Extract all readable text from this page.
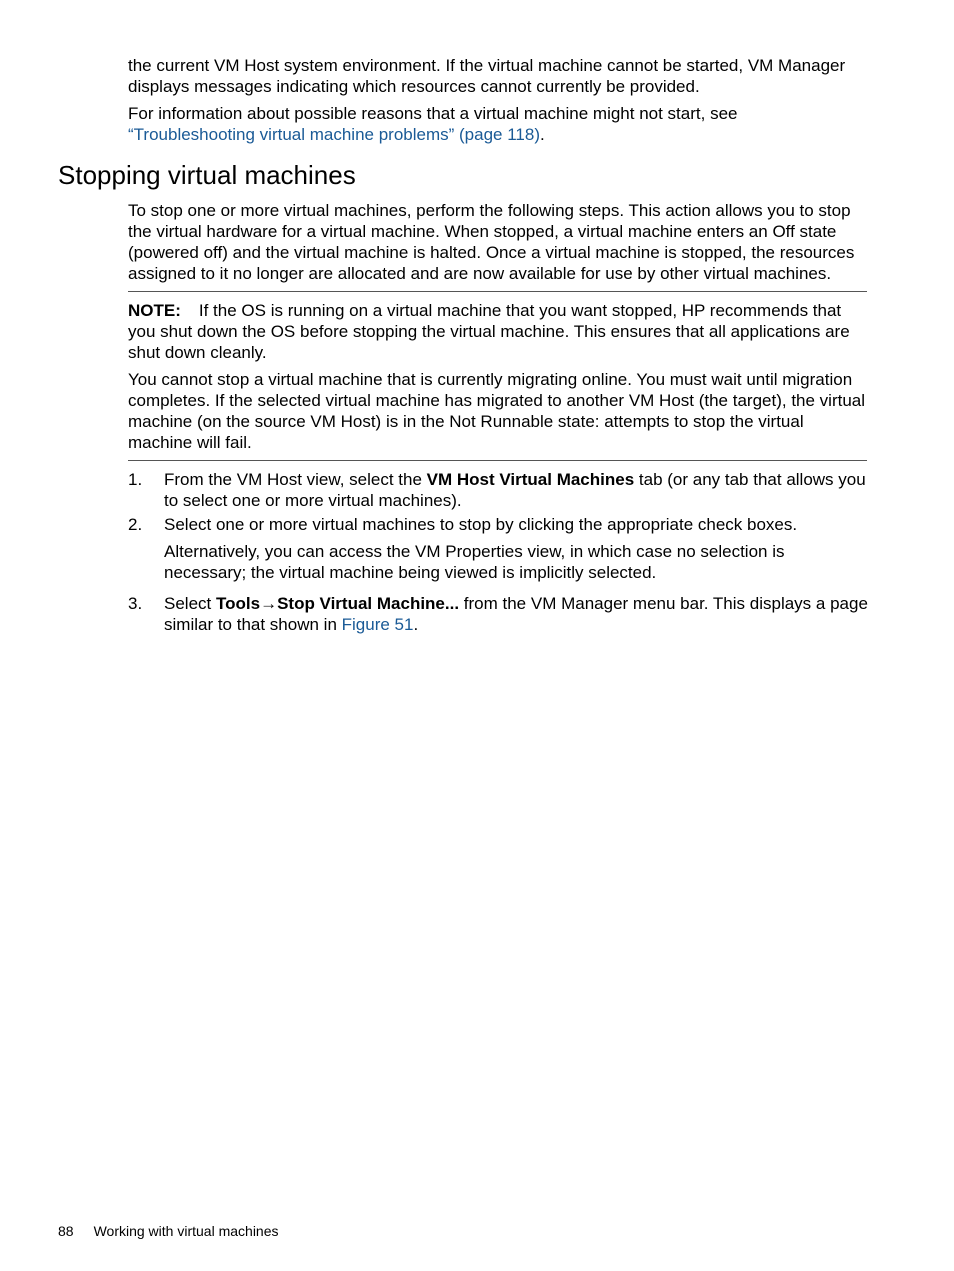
the current VM Host system environment. If the virtual machine cannot be started, VM Manager displays messages indicating which resources cannot currently be provided.

For information about possible reasons that a virtual machine might not start, see “Troubleshooting virtual machine problems” (page 118).

Stopping virtual machines

To stop one or more virtual machines, perform the following steps. This action allows you to stop the virtual hardware for a virtual machine. When stopped, a virtual machine enters an Off state (powered off) and the virtual machine is halted. Once a virtual machine is stopped, the resources assigned to it no longer are allocated and are now available for use by other virtual machines.

NOTE: If the OS is running on a virtual machine that you want stopped, HP recommends that you shut down the OS before stopping the virtual machine. This ensures that all applications are shut down cleanly.

You cannot stop a virtual machine that is currently migrating online. You must wait until migration completes. If the selected virtual machine has migrated to another VM Host (the target), the virtual machine (on the source VM Host) is in the Not Runnable state: attempts to stop the virtual machine will fail.

1. From the VM Host view, select the VM Host Virtual Machines tab (or any tab that allows you to select one or more virtual machines).
2. Select one or more virtual machines to stop by clicking the appropriate check boxes.
Alternatively, you can access the VM Properties view, in which case no selection is necessary; the virtual machine being viewed is implicitly selected.
3. Select Tools→Stop Virtual Machine... from the VM Manager menu bar. This displays a page similar to that shown in Figure 51.
88 Working with virtual machines
